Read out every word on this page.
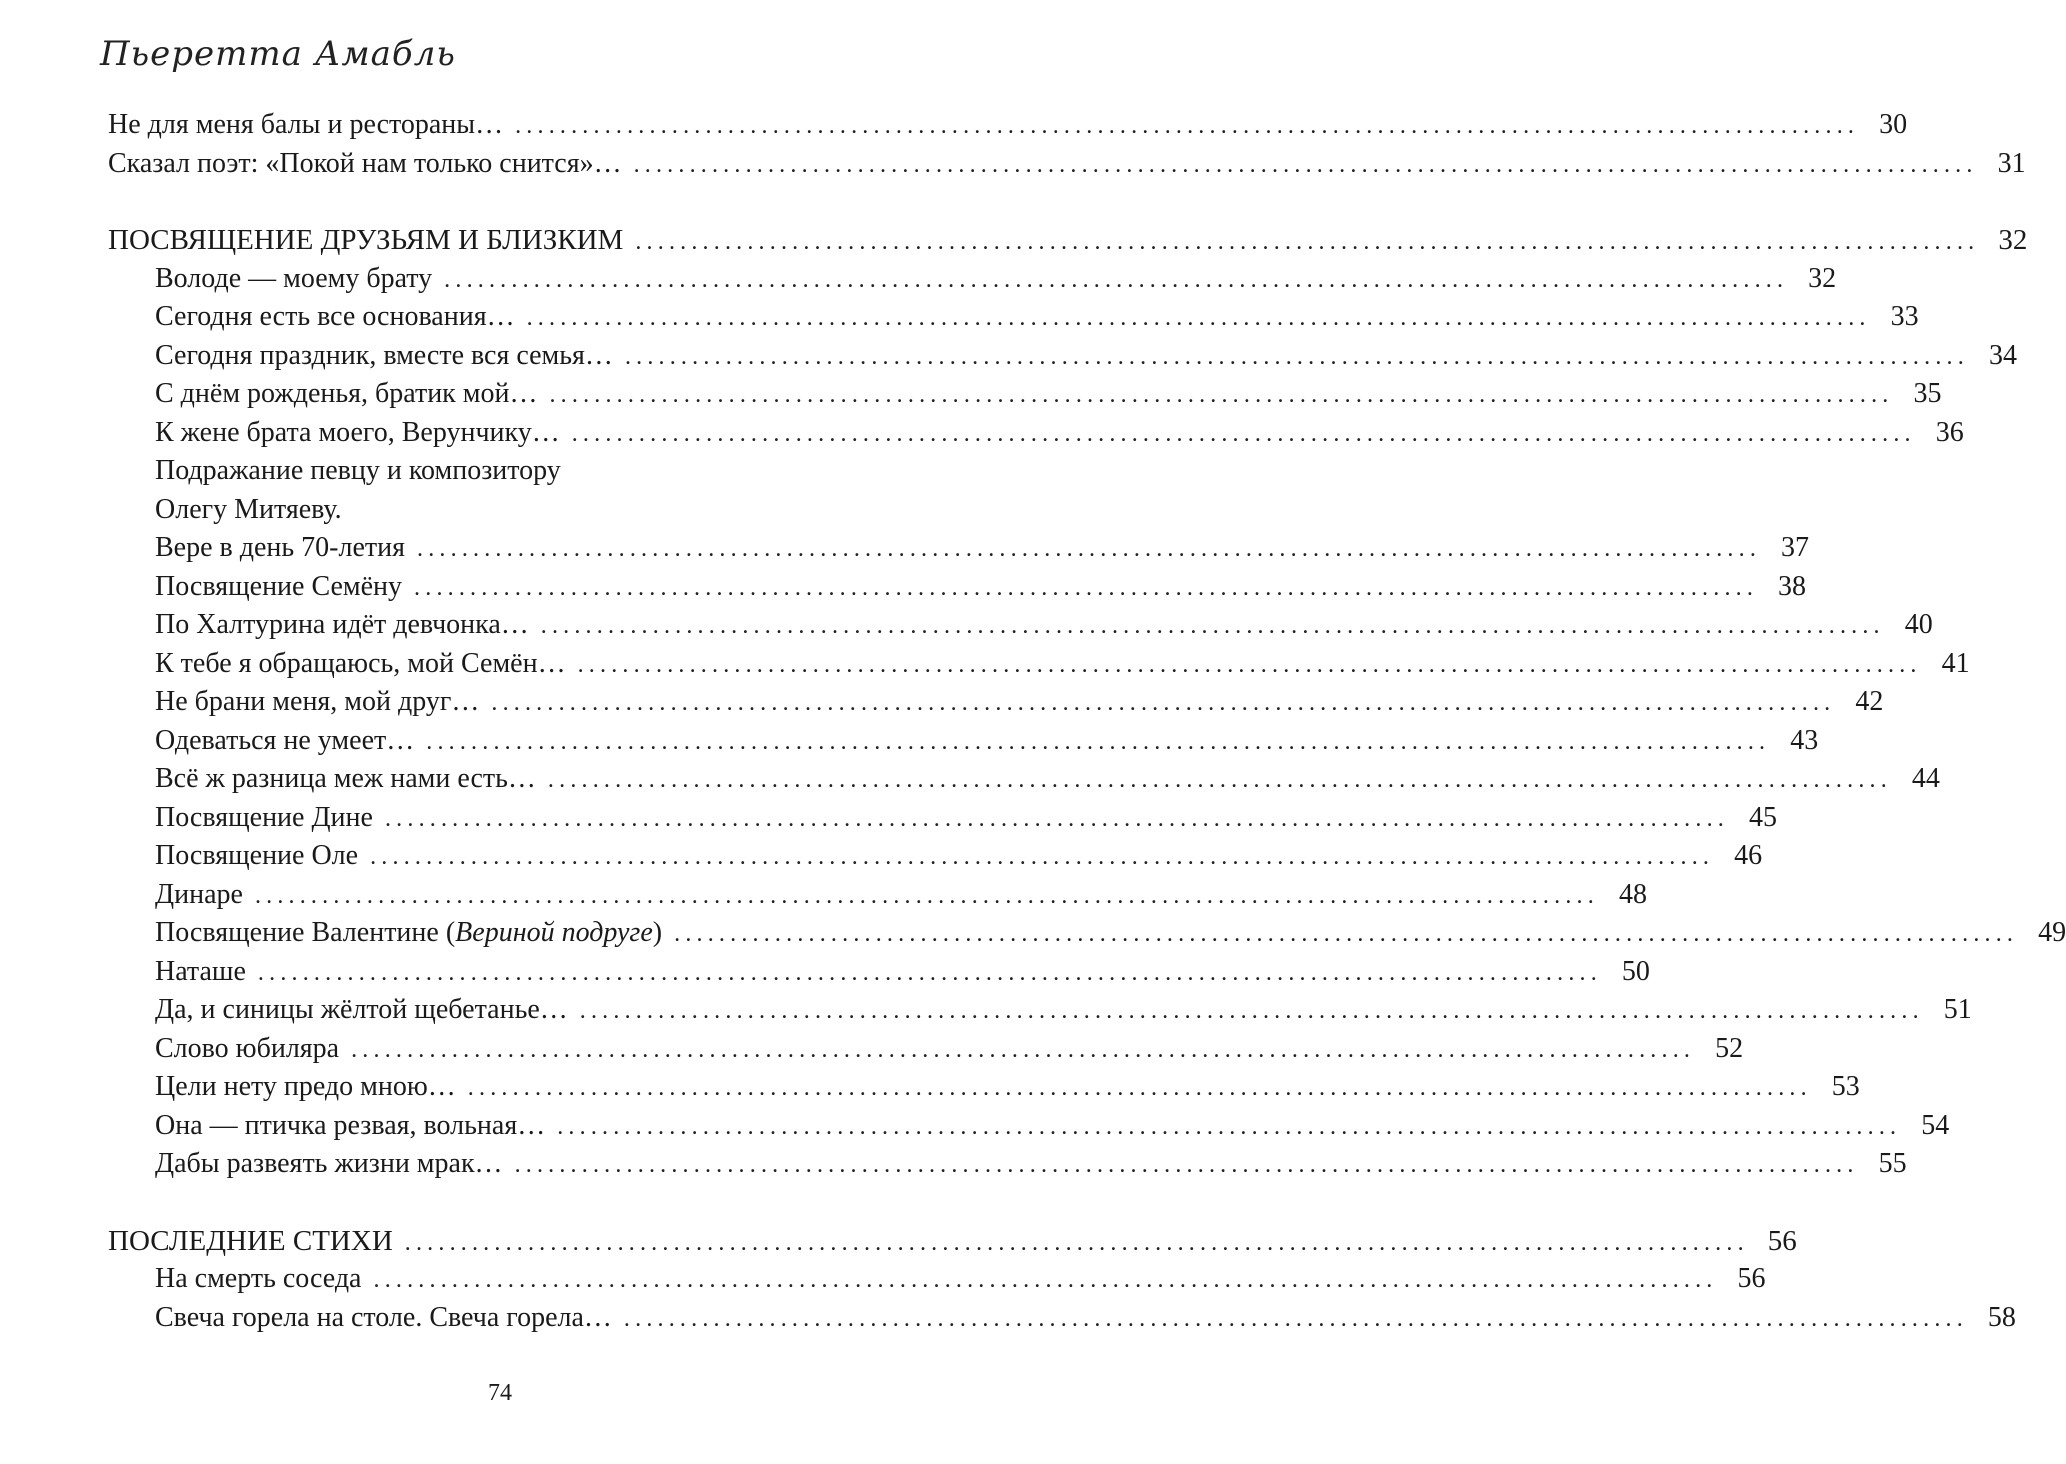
Пьеретта Амабль
Не для меня балы и рестораны… ........................................................................................................................ 30
Сказал поэт: «Покой нам только снится»… ........................................................................................................................ 31
ПОСВЯЩЕНИЕ ДРУЗЬЯМ И БЛИЗКИМ ........................................................................................................................ 32
Володе — моему брату ........................................................................................................................ 32
Сегодня есть все основания… ........................................................................................................................ 33
Сегодня праздник, вместе вся семья… ........................................................................................................................ 34
С днём рожденья, братик мой… ........................................................................................................................ 35
К жене брата моего, Верунчику… ........................................................................................................................ 36
Подражание певцу и композитору
Олегу Митяеву.
Вере в день 70-летия ........................................................................................................................ 37
Посвящение Семёну ........................................................................................................................ 38
По Халтурина идёт девчонка… ........................................................................................................................ 40
К тебе я обращаюсь, мой Семён… ........................................................................................................................ 41
Не брани меня, мой друг… ........................................................................................................................ 42
Одеваться не умеет… ........................................................................................................................ 43
Всё ж разница меж нами есть… ........................................................................................................................ 44
Посвящение Дине ........................................................................................................................ 45
Посвящение Оле ........................................................................................................................ 46
Динаре ........................................................................................................................ 48
Посвящение Валентине (Вериной подруге) ........................................................................................................................ 49
Наташе ........................................................................................................................ 50
Да, и синицы жёлтой щебетанье… ........................................................................................................................ 51
Слово юбиляра ........................................................................................................................ 52
Цели нету предо мною… ........................................................................................................................ 53
Она — птичка резвая, вольная… ........................................................................................................................ 54
Дабы развеять жизни мрак… ........................................................................................................................ 55
ПОСЛЕДНИЕ СТИХИ ........................................................................................................................ 56
На смерть соседа ........................................................................................................................ 56
Свеча горела на столе. Свеча горела… ........................................................................................................................ 58
74
